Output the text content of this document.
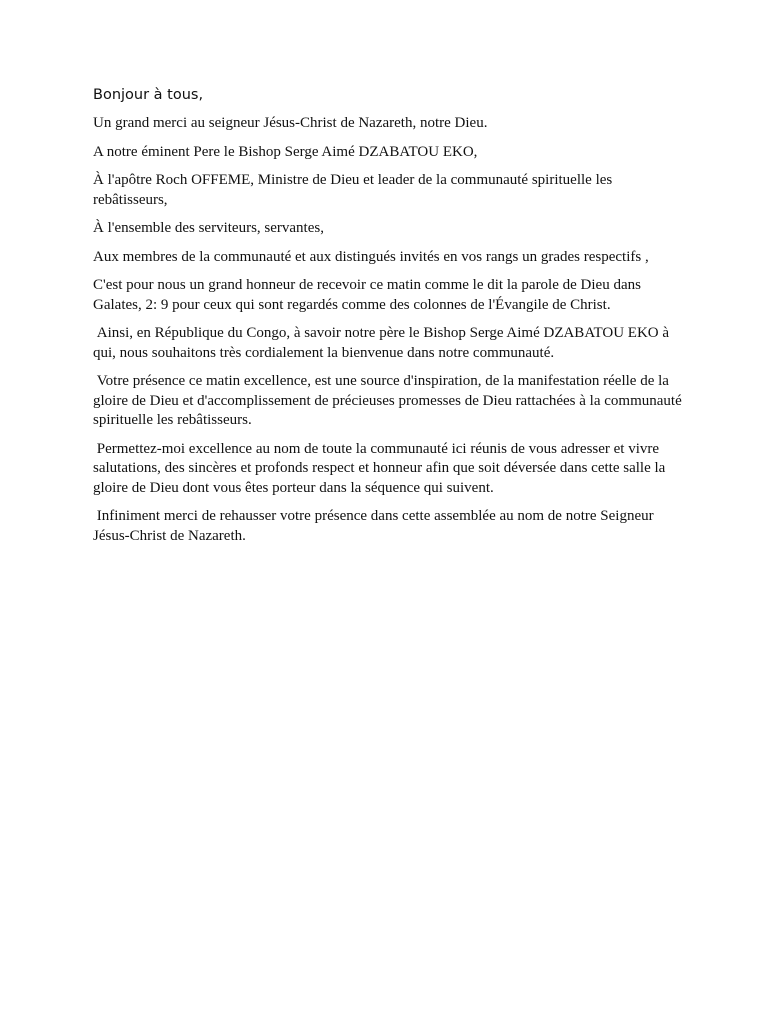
Bonjour à tous,

Un grand merci au seigneur Jésus-Christ de Nazareth, notre Dieu.

A notre éminent Pere le Bishop Serge Aimé DZABATOU EKO,

À l'apôtre Roch OFFEME, Ministre de Dieu et leader de la communauté spirituelle les rebâtisseurs,

À l'ensemble des serviteurs, servantes,

Aux membres de la communauté et aux distingués invités en vos rangs un grades respectifs ,

C'est pour nous un grand honneur de recevoir ce matin comme le dit la parole de Dieu dans Galates, 2: 9 pour ceux qui sont regardés comme des colonnes de l'Évangile de Christ.

Ainsi, en République du Congo, à savoir notre père le Bishop Serge Aimé DZABATOU EKO à qui, nous souhaitons très cordialement la bienvenue dans notre communauté.

Votre présence ce matin excellence, est une source d'inspiration, de la manifestation réelle de la gloire de Dieu et d'accomplissement de précieuses promesses de Dieu rattachées à la communauté spirituelle les rebâtisseurs.

Permettez-moi excellence au nom de toute la communauté ici réunis de vous adresser et vivre salutations, des sincères et profonds respect et honneur afin que soit déversée dans cette salle la gloire de Dieu dont vous êtes porteur dans la séquence qui suivent.

Infiniment merci de rehausser votre présence dans cette assemblée au nom de notre Seigneur Jésus-Christ de Nazareth.
